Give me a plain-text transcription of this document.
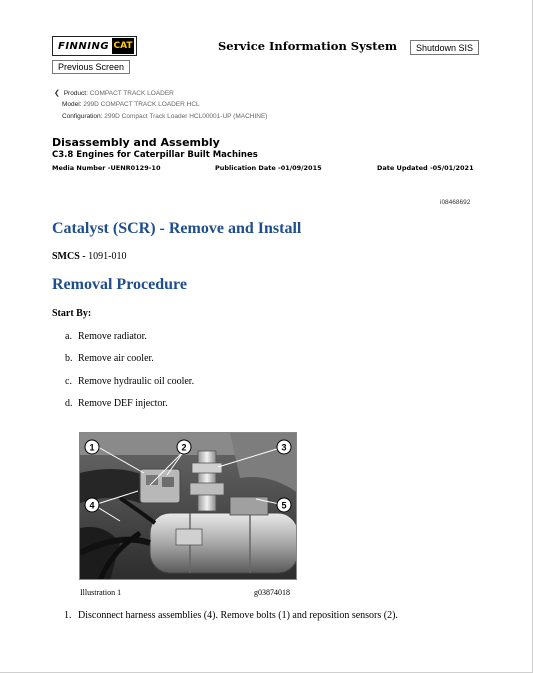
FINNING CAT	Service Information System	Shutdown SIS
Previous Screen
❮ Product: COMPACT TRACK LOADER
Model: 299D COMPACT TRACK LOADER HCL
Configuration: 299D Compact Track Loader HCL00001-UP (MACHINE)
Disassembly and Assembly
C3.8 Engines for Caterpillar Built Machines
Media Number -UENR0129-10	Publication Date -01/09/2015	Date Updated -05/01/2021
i08468692
Catalyst (SCR) - Remove and Install
SMCS - 1091-010
Removal Procedure
Start By:
a. Remove radiator.
b. Remove air cooler.
c. Remove hydraulic oil cooler.
d. Remove DEF injector.
1	2	3
4	5
Illustration 1	g03874018
1. Disconnect harness assemblies (4). Remove bolts (1) and reposition sensors (2).
